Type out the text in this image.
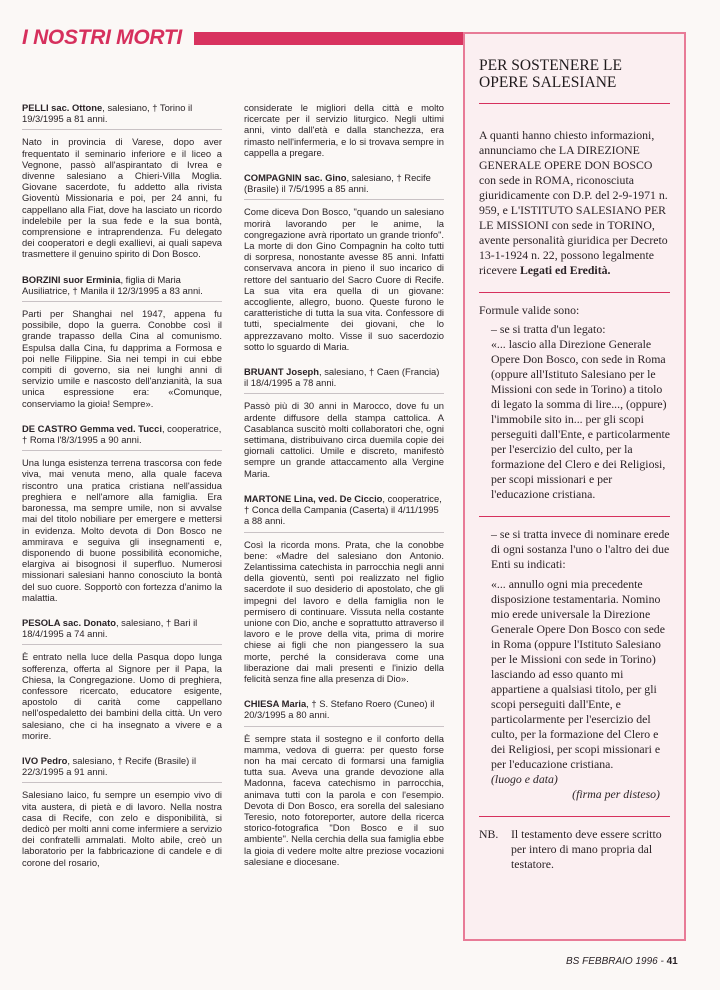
I NOSTRI MORTI
PELLI sac. Ottone, salesiano, † Torino il 19/3/1995 a 81 anni.
Nato in provincia di Varese, dopo aver frequentato il seminario inferiore e il liceo a Vegnone, passò all'aspirantato di Ivrea e divenne salesiano a Chieri-Villa Moglia. Giovane sacerdote, fu addetto alla rivista Gioventù Missionaria e poi, per 24 anni, fu cappellano alla Fiat, dove ha lasciato un ricordo indelebile per la sua fede e la sua bontà, comprensione e intraprendenza. Fu delegato dei cooperatori e degli exallievi, ai quali sapeva trasmettere il genuino spirito di Don Bosco.
BORZINI suor Erminia, figlia di Maria Ausiliatrice, † Manila il 12/3/1995 a 83 anni.
Parti per Shanghai nel 1947, appena fu possibile, dopo la guerra. Conobbe così il grande trapasso della Cina al comunismo. Espulsa dalla Cina, fu dapprima a Formosa e poi nelle Filippine. Sia nei tempi in cui ebbe compiti di governo, sia nei lunghi anni di servizio umile e nascosto dell'anzianità, la sua unica espressione era: «Comunque, conserviamo la gioia! Sempre».
DE CASTRO Gemma ved. Tucci, cooperatrice, † Roma l'8/3/1995 a 90 anni.
Una lunga esistenza terrena trascorsa con fede viva, mai venuta meno, alla quale faceva riscontro una pratica cristiana nell'assidua preghiera e nell'amore alla famiglia. Era baronessa, ma sempre umile, non si avvalse mai del titolo nobiliare per emergere e mettersi in evidenza. Molto devota di Don Bosco ne ammirava e seguiva gli insegnamenti e, disponendo di buone possibilità economiche, elargiva ai bisognosi il superfluo. Numerosi missionari salesiani hanno conosciuto la bontà del suo cuore. Sopportò con fortezza d'animo la malattia.
PESOLA sac. Donato, salesiano, † Bari il 18/4/1995 a 74 anni.
È entrato nella luce della Pasqua dopo lunga sofferenza, offerta al Signore per il Papa, la Chiesa, la Congregazione. Uomo di preghiera, confessore ricercato, educatore esigente, apostolo di carità come cappellano nell'ospedaletto dei bambini della città. Un vero salesiano, che ci ha insegnato a vivere e a morire.
IVO Pedro, salesiano, † Recife (Brasile) il 22/3/1995 a 91 anni.
Salesiano laico, fu sempre un esempio vivo di vita austera, di pietà e di lavoro. Nella nostra casa di Recife, con zelo e disponibilità, si dedicò per molti anni come infermiere a servizio dei confratelli ammalati. Molto abile, creò un laboratorio per la fabbricazione di candele e di corone del rosario,
considerate le migliori della città e molto ricercate per il servizio liturgico. Negli ultimi anni, vinto dall'età e dalla stanchezza, era rimasto nell'infermeria, e lo si trovava sempre in cappella a pregare.
COMPAGNIN sac. Gino, salesiano, † Recife (Brasile) il 7/5/1995 a 85 anni.
Come diceva Don Bosco, "quando un salesiano morirà lavorando per le anime, la congregazione avrà riportato un grande trionfo". La morte di don Gino Compagnin ha colto tutti di sorpresa, nonostante avesse 85 anni. Infatti conservava ancora in pieno il suo incarico di rettore del santuario del Sacro Cuore di Recife. La sua vita era quella di un giovane: accogliente, allegro, buono. Queste furono le caratteristiche di tutta la sua vita. Confessore di tutti, specialmente dei giovani, che lo apprezzavano molto. Visse il suo sacerdozio sotto lo sguardo di Maria.
BRUANT Joseph, salesiano, † Caen (Francia) il 18/4/1995 a 78 anni.
Passò più di 30 anni in Marocco, dove fu un ardente diffusore della stampa cattolica. A Casablanca suscitò molti collaboratori che, ogni settimana, distribuivano circa duemila copie dei giornali cattolici. Umile e discreto, manifestò sempre un grande attaccamento alla Vergine Maria.
MARTONE Lina, ved. De Ciccio, cooperatrice, † Conca della Campania (Caserta) il 4/11/1995 a 88 anni.
Così la ricorda mons. Prata, che la conobbe bene: «Madre del salesiano don Antonio. Zelantissima catechista in parrocchia negli anni della gioventù, sentì poi realizzato nel figlio sacerdote il suo desiderio di apostolato, che gli impegni del lavoro e della famiglia non le permisero di continuare. Vissuta nella costante unione con Dio, anche e soprattutto attraverso il lavoro e le prove della vita, prima di morire chiese ai figli che non piangessero la sua morte, perché la considerava come una liberazione dai mali presenti e l'inizio della felicità senza fine alla presenza di Dio».
CHIESA Maria, † S. Stefano Roero (Cuneo) il 20/3/1995 a 80 anni.
È sempre stata il sostegno e il conforto della mamma, vedova di guerra: per questo forse non ha mai cercato di formarsi una famiglia tutta sua. Aveva una grande devozione alla Madonna, faceva catechismo in parrocchia, animava tutti con la parola e con l'esempio. Devota di Don Bosco, era sorella del salesiano Teresio, noto fotoreporter, autore della ricerca storico-fotografica "Don Bosco e il suo ambiente". Nella cerchia della sua famiglia ebbe la gioia di vedere molte altre preziose vocazioni salesiane e diocesane.
PER SOSTENERE LE OPERE SALESIANE
A quanti hanno chiesto informazioni, annunciamo che LA DIREZIONE GENERALE OPERE DON BOSCO con sede in ROMA, riconosciuta giuridicamente con D.P. del 2-9-1971 n. 959, e L'ISTITUTO SALESIANO PER LE MISSIONI con sede in TORINO, avente personalità giuridica per Decreto 13-1-1924 n. 22, possono legalmente ricevere Legati ed Eredità.
Formule valide sono:
– se si tratta d'un legato:
«... lascio alla Direzione Generale Opere Don Bosco, con sede in Roma (oppure all'Istituto Salesiano per le Missioni con sede in Torino) a titolo di legato la somma di lire..., (oppure) l'immobile sito in... per gli scopi perseguiti dall'Ente, e particolarmente per l'esercizio del culto, per la formazione del Clero e dei Religiosi, per scopi missionari e per l'educazione cristiana.
– se si tratta invece di nominare erede di ogni sostanza l'uno o l'altro dei due Enti su indicati:
«... annullo ogni mia precedente disposizione testamentaria. Nomino mio erede universale la Direzione Generale Opere Don Bosco con sede in Roma (oppure l'Istituto Salesiano per le Missioni con sede in Torino) lasciando ad esso quanto mi appartiene a qualsiasi titolo, per gli scopi perseguiti dall'Ente, e particolarmente per l'esercizio del culto, per la formazione del Clero e dei Religiosi, per scopi missionari e per l'educazione cristiana.
(luogo e data)
(firma per disteso)
NB.	Il testamento deve essere scritto per intero di mano propria dal testatore.
BS FEBBRAIO 1996 - 41
